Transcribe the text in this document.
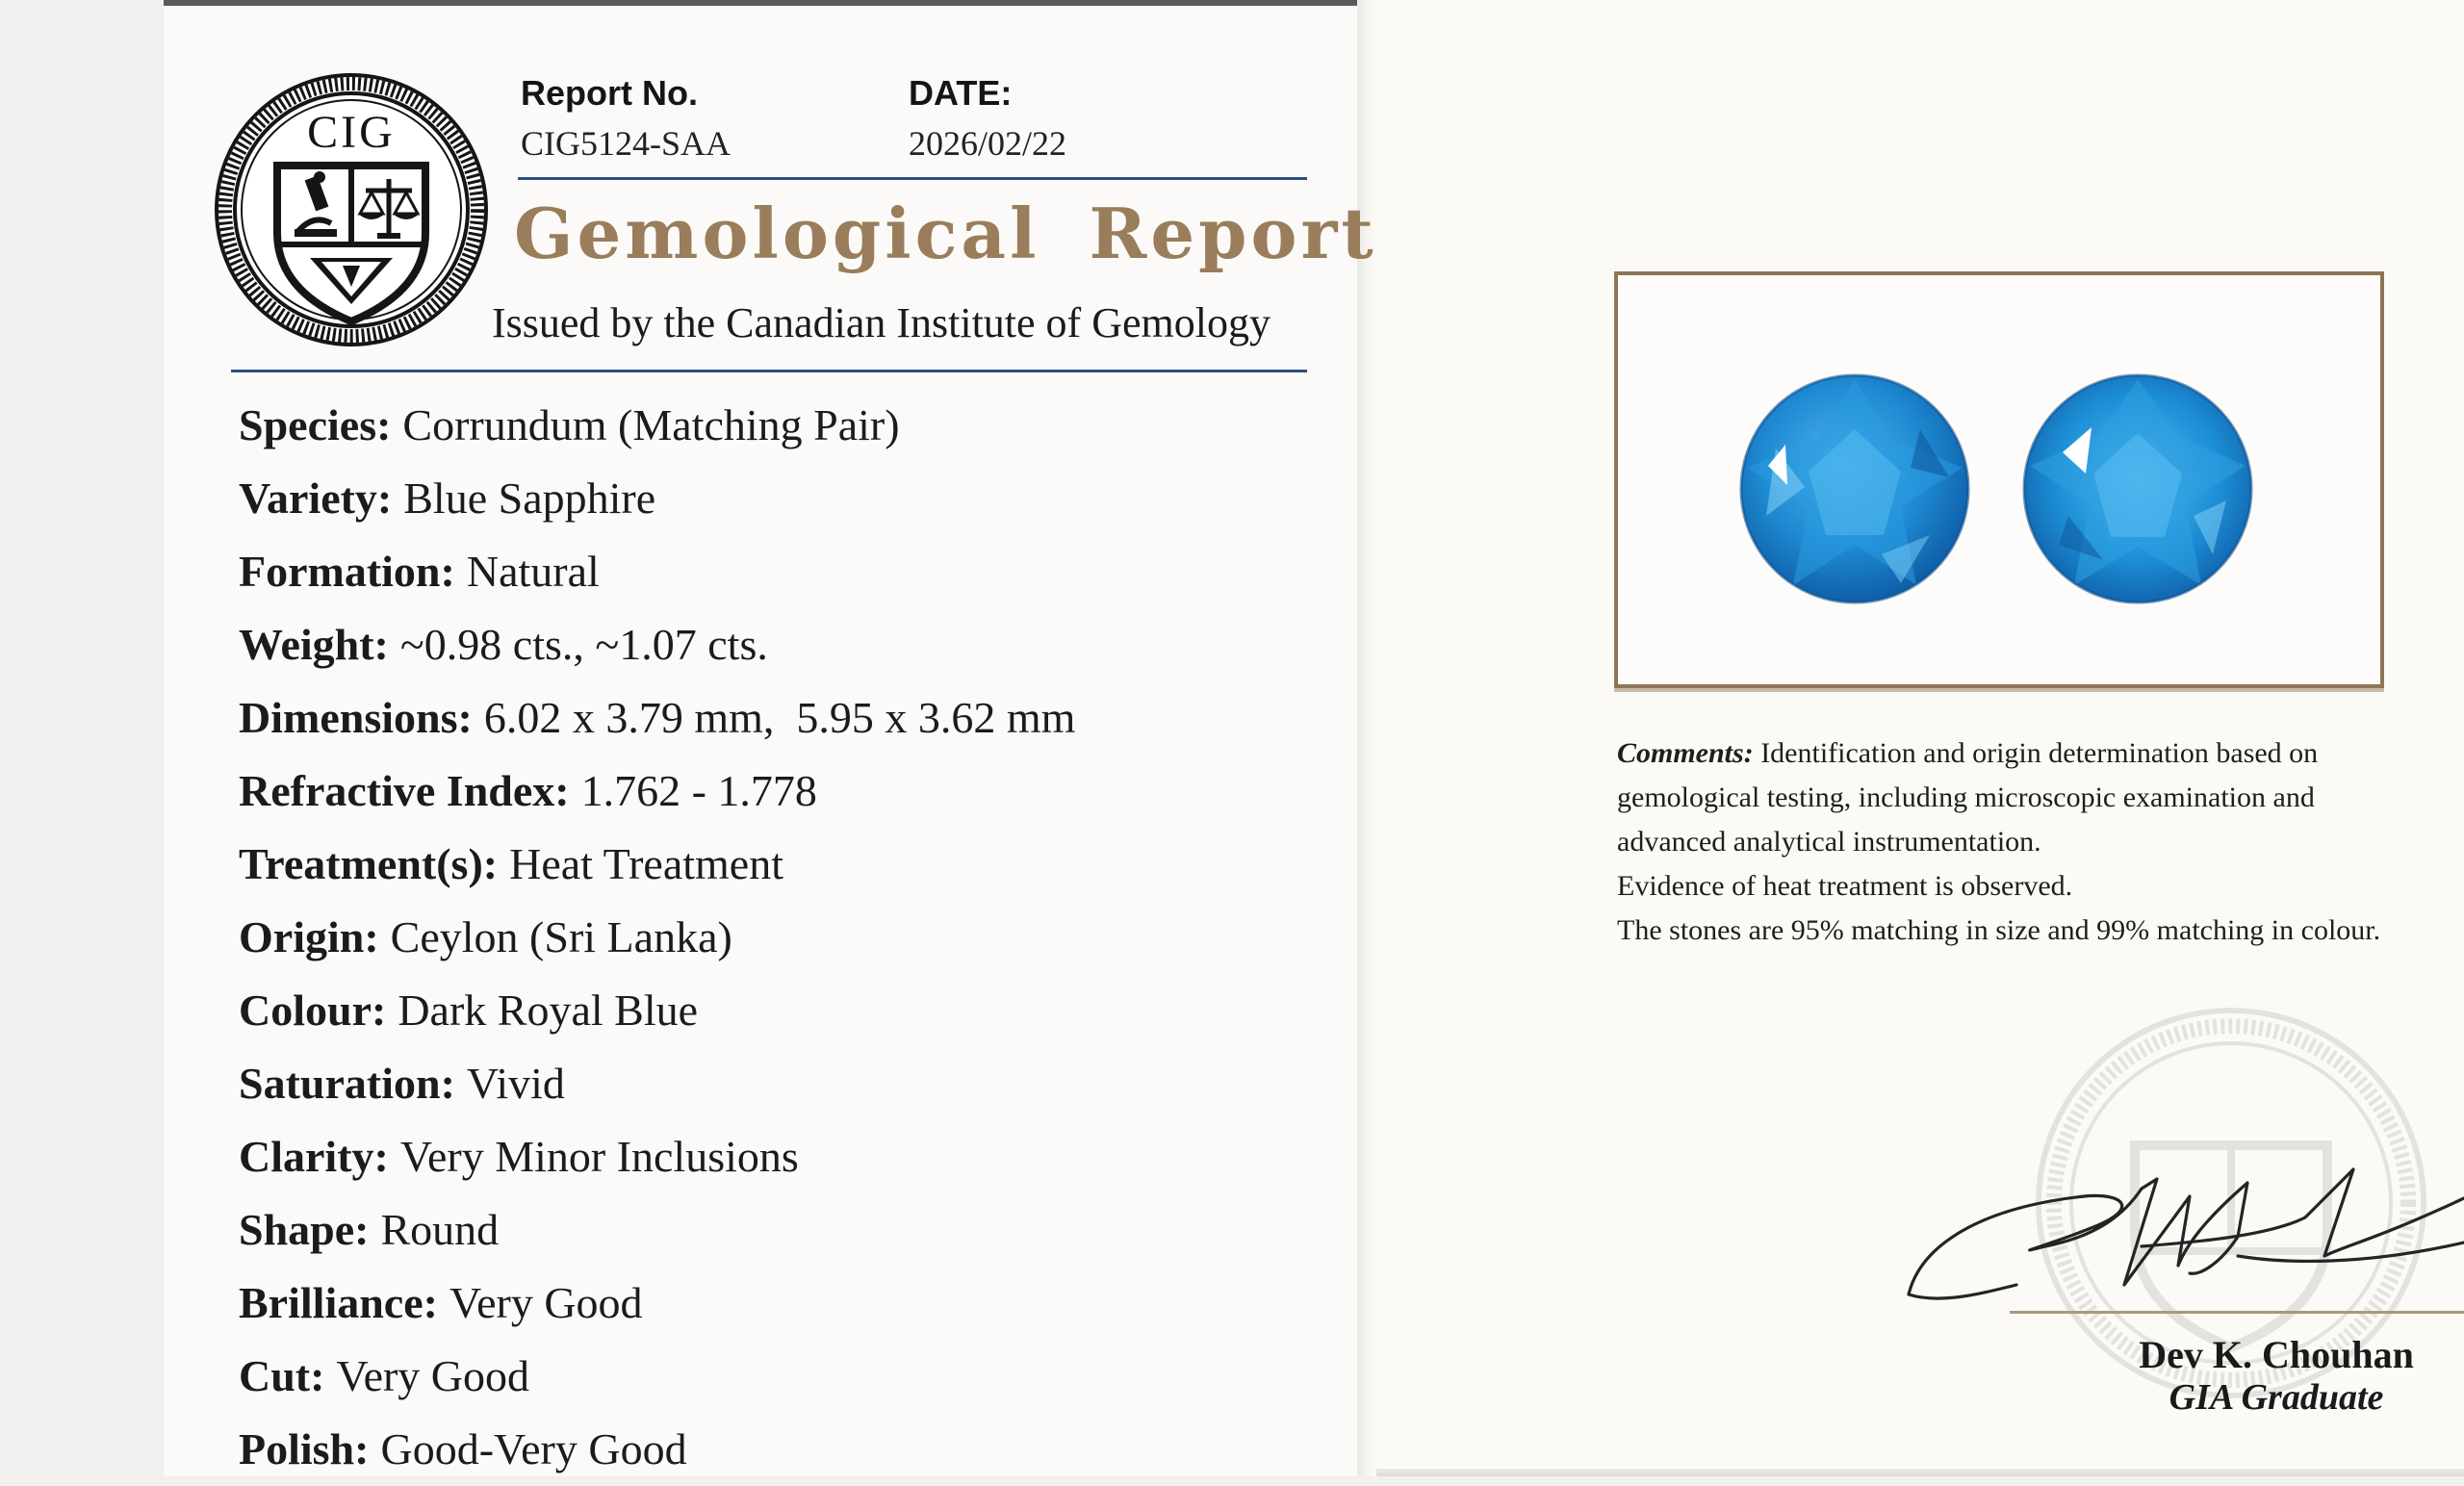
CIG
Report No.
CIG5124-SAA
DATE:
2026/02/22
Gemological Report
Issued by the Canadian Institute of Gemology
Species: Corrundum (Matching Pair)
Variety: Blue Sapphire
Formation: Natural
Weight: ~0.98 cts., ~1.07 cts.
Dimensions: 6.02 x 3.79 mm,  5.95 x 3.62 mm
Refractive Index: 1.762 - 1.778
Treatment(s): Heat Treatment
Origin: Ceylon (Sri Lanka)
Colour: Dark Royal Blue
Saturation: Vivid
Clarity: Very Minor Inclusions
Shape: Round
Brilliance: Very Good
Cut: Very Good
Polish: Good-Very Good

Comments: Identification and origin determination based on

gemological testing, including microscopic examination and

advanced analytical instrumentation.

Evidence of heat treatment is observed.

The stones are 95% matching in size and 99% matching in colour.

Dev K. Chouhan
GIA Graduate
